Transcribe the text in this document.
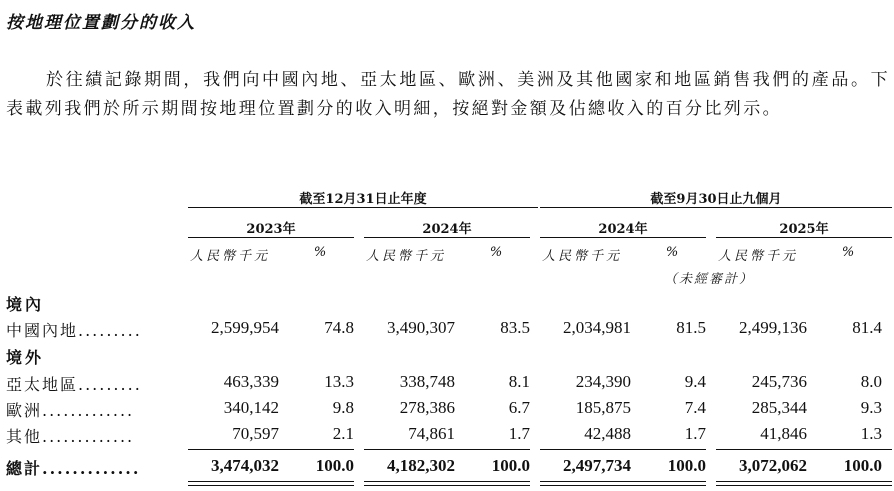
按地理位置劃分的收入
於往績記錄期間，我們向中國內地、亞太地區、歐洲、美洲及其他國家和地區銷售我們的產品。下表載列我們於所示期間按地理位置劃分的收入明細，按絕對金額及佔總收入的百分比列示。
截至12月31日止年度	截至9月30日止九個月
2023年	2024年	2024年	2025年
人民幣千元	%	人民幣千元	%	人民幣千元	%	人民幣千元	%
（未經審計）
境內
中國內地.........	2,599,954	74.8	3,490,307	83.5	2,034,981	81.5	2,499,136	81.4
境外
亞太地區.........	463,339	13.3	338,748	8.1	234,390	9.4	245,736	8.0
歐洲.............	340,142	9.8	278,386	6.7	185,875	7.4	285,344	9.3
其他.............	70,597	2.1	74,861	1.7	42,488	1.7	41,846	1.3
總計.............	3,474,032	100.0	4,182,302	100.0	2,497,734	100.0	3,072,062	100.0
